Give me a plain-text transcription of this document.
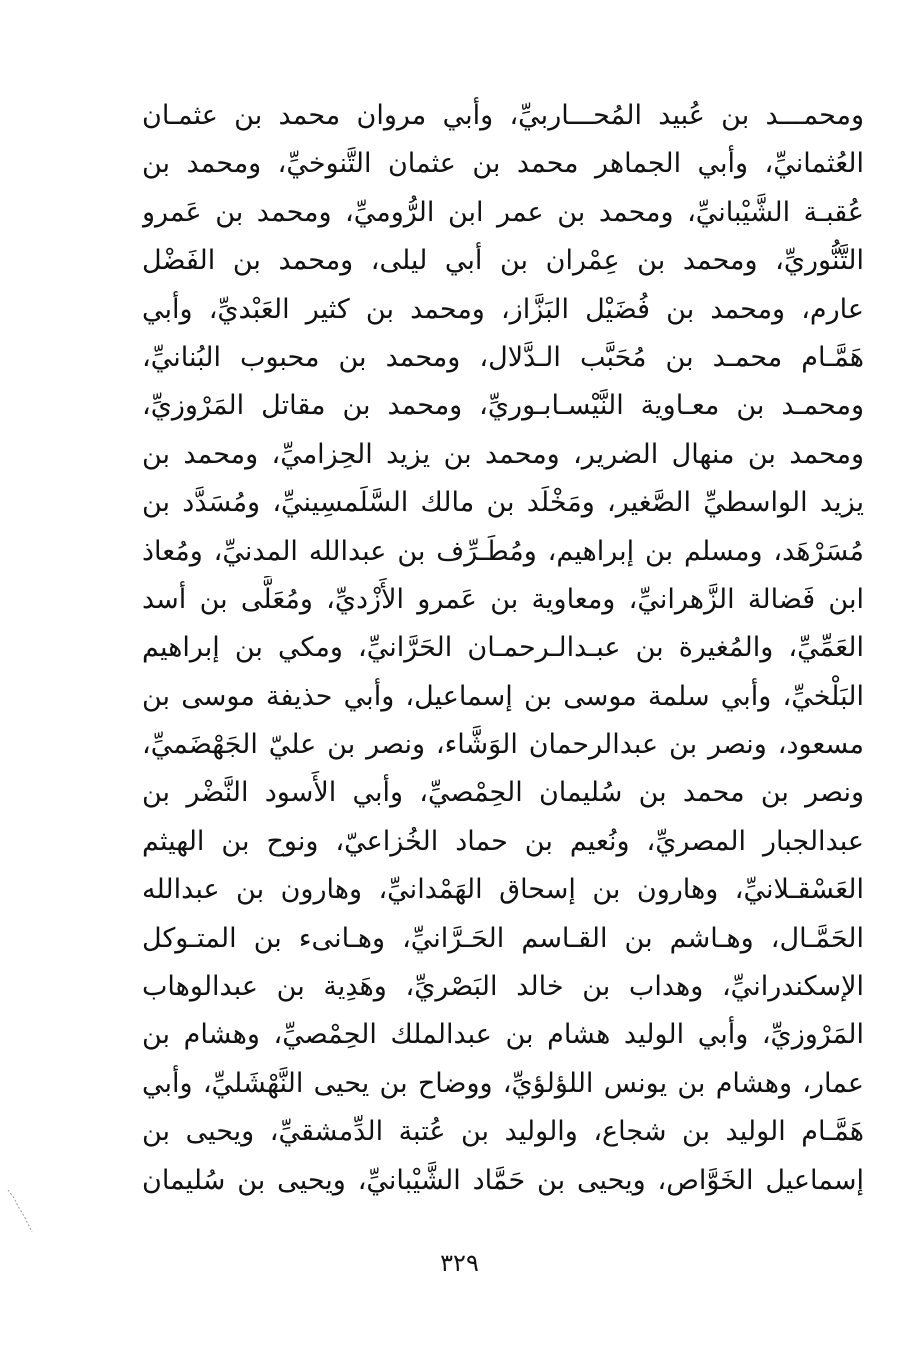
ومحمـــد بن عُبيد المُحـــاربيِّ، وأبي مروان محمد بن عثمـان
العُثمانيِّ، وأبي الجماهر محمد بن عثمان التَّنوخيِّ، ومحمد بن
عُقبـة الشَّيْبانيِّ، ومحمد بن عمر ابن الرُّوميِّ، ومحمد بن عَمرو
التَّنُّوريِّ، ومحمد بن عِمْران بن أبي ليلى، ومحمد بن الفَضْل
عارم، ومحمد بن فُضَيْل البَزَّاز، ومحمد بن كثير العَبْديِّ، وأبي
هَمَّـام محمـد بن مُحَبَّب الـدَّلال، ومحمد بن محبوب البُنانيِّ،
ومحمـد بن معـاوية النَّيْسـابـوريِّ، ومحمد بن مقاتل المَرْوزيِّ،
ومحمد بن منهال الضرير، ومحمد بن يزيد الحِزاميِّ، ومحمد بن
يزيد الواسطيِّ الصَّغير، ومَخْلَد بن مالك السَّلَمسِينيِّ، ومُسَدَّد بن
مُسَرْهَد، ومسلم بن إبراهيم، ومُطَـرِّف بن عبدالله المدنيِّ، ومُعاذ
ابن فَضالة الزَّهرانيِّ، ومعاوية بن عَمرو الأَزْديِّ، ومُعَلَّى بن أسد
العَمِّيِّ، والمُغيرة بن عبـدالـرحمـان الحَرَّانيِّ، ومكي بن إبراهيم
البَلْخيِّ، وأبي سلمة موسى بن إسماعيل، وأبي حذيفة موسى بن
مسعود، ونصر بن عبدالرحمان الوَشَّاء، ونصر بن عليّ الجَهْضَميِّ،
ونصر بن محمد بن سُليمان الحِمْصيِّ، وأبي الأَسود النَّضْر بن
عبدالجبار المصريِّ، ونُعيم بن حماد الخُزاعيّ، ونوح بن الهيثم
العَسْقـلانيِّ، وهارون بن إسحاق الهَمْدانيِّ، وهارون بن عبدالله
الحَمَّـال، وهـاشم بن القـاسم الحَـرَّانيِّ، وهـانىء بن المتـوكل
الإسكندرانيِّ، وهداب بن خالد البَصْريِّ، وهَدِية بن عبدالوهاب
المَرْوزيِّ، وأبي الوليد هشام بن عبدالملك الحِمْصيِّ، وهشام بن
عمار، وهشام بن يونس اللؤلؤيِّ، ووضاح بن يحيى النَّهْشَليِّ، وأبي
هَمَّـام الوليد بن شجاع، والوليد بن عُتبة الدِّمشقيِّ، ويحيى بن
إسماعيل الخَوَّاص، ويحيى بن حَمَّاد الشَّيْبانيِّ، ويحيى بن سُليمان
٣٢٩
